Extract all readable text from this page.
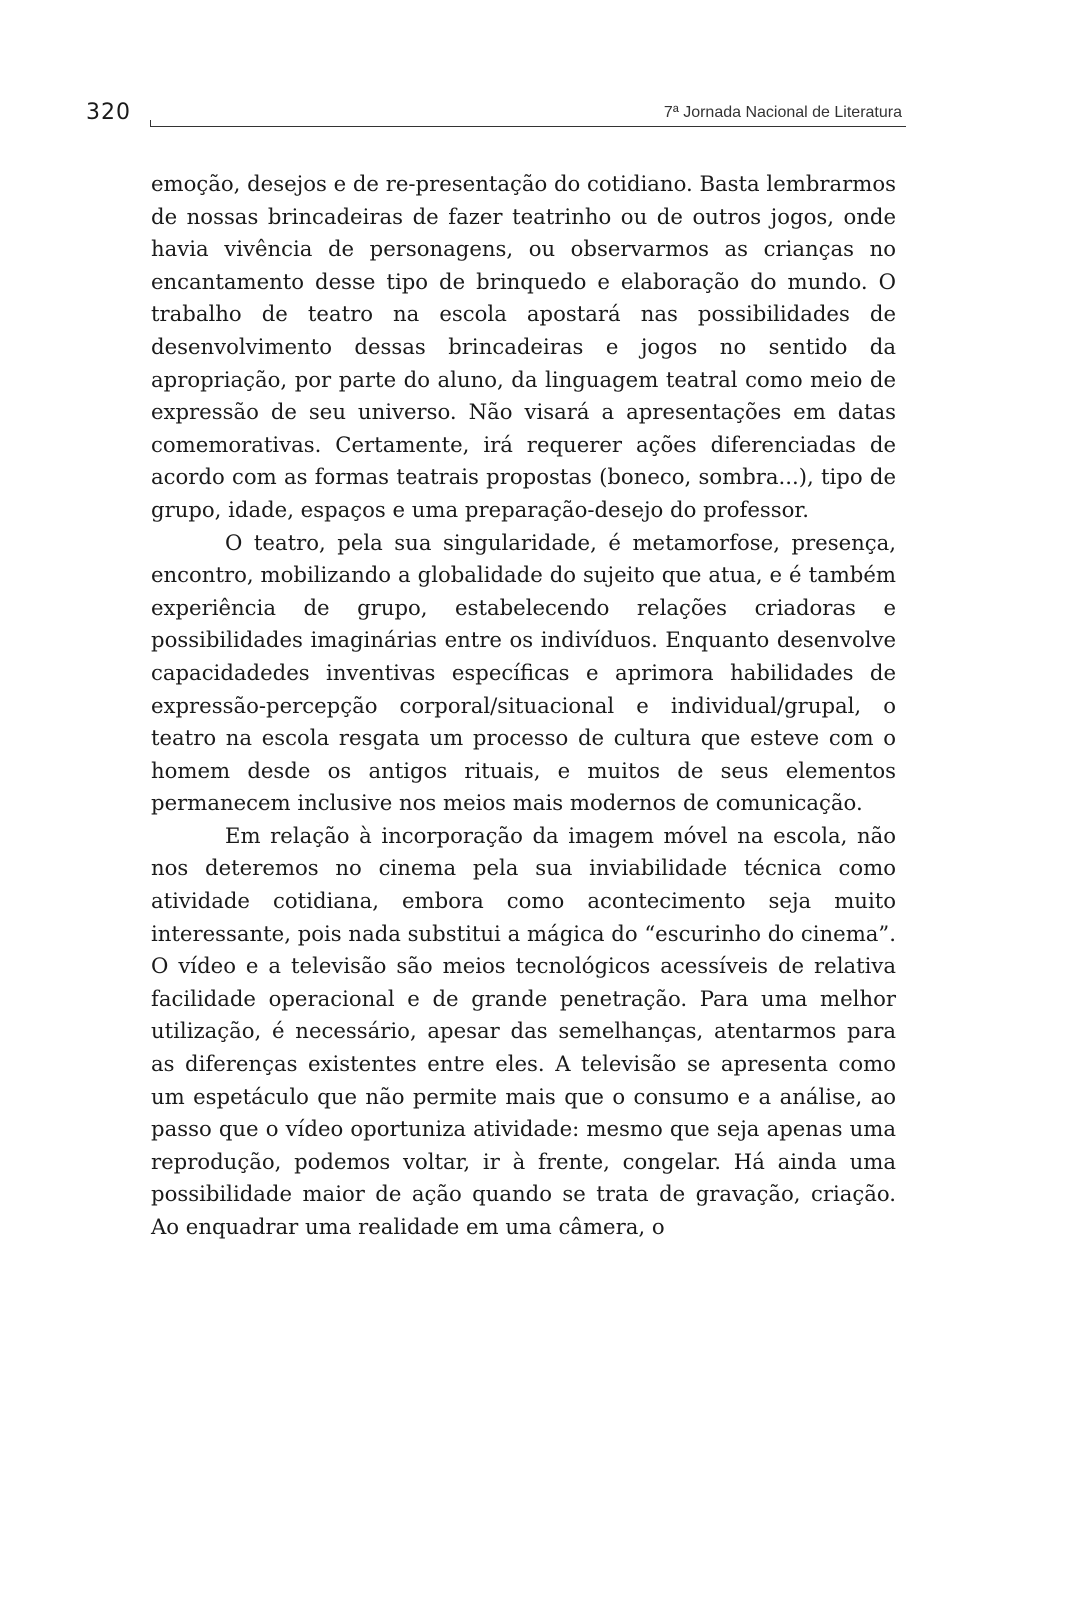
320	7ª Jornada Nacional de Literatura

emoção, desejos e de re-presentação do cotidiano. Basta lembrarmos de nossas brincadeiras de fazer teatrinho ou de outros jogos, onde havia vivência de personagens, ou observarmos as crianças no encantamento desse tipo de brinquedo e elaboração do mundo. O trabalho de teatro na escola apostará nas possibilidades de desenvolvimento dessas brincadeiras e jogos no sentido da apropriação, por parte do aluno, da linguagem teatral como meio de expressão de seu universo. Não visará a apresentações em datas comemorativas. Certamente, irá requerer ações diferenciadas de acordo com as formas teatrais propostas (boneco, sombra...), tipo de grupo, idade, espaços e uma preparação-desejo do professor.

O teatro, pela sua singularidade, é metamorfose, presença, encontro, mobilizando a globalidade do sujeito que atua, e é também experiência de grupo, estabelecendo relações criadoras e possibilidades imaginárias entre os indivíduos. Enquanto desenvolve capacidadedes inventivas específicas e aprimora habilidades de expressão-percepção corporal/situacional e individual/grupal, o teatro na escola resgata um processo de cultura que esteve com o homem desde os antigos rituais, e muitos de seus elementos permanecem inclusive nos meios mais modernos de comunicação.

Em relação à incorporação da imagem móvel na escola, não nos deteremos no cinema pela sua inviabilidade técnica como atividade cotidiana, embora como acontecimento seja muito interessante, pois nada substitui a mágica do “escurinho do cinema”. O vídeo e a televisão são meios tecnológicos acessíveis de relativa facilidade operacional e de grande penetração. Para uma melhor utilização, é necessário, apesar das semelhanças, atentarmos para as diferenças existentes entre eles. A televisão se apresenta como um espetáculo que não permite mais que o consumo e a análise, ao passo que o vídeo oportuniza atividade: mesmo que seja apenas uma reprodução, podemos voltar, ir à frente, congelar. Há ainda uma possibilidade maior de ação quando se trata de gravação, criação. Ao enquadrar uma realidade em uma câmera, o
